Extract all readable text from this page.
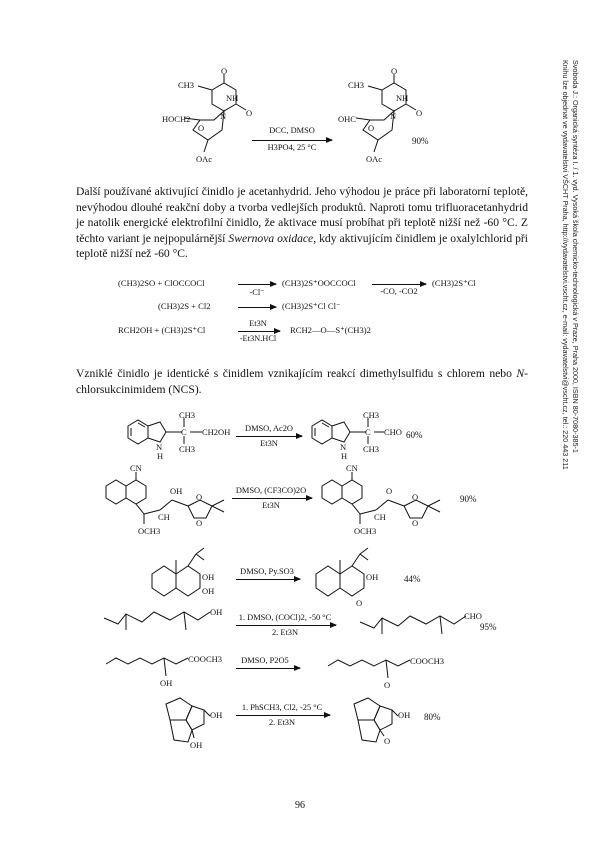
Svoboda J.: Organická syntéza I. / 1. vyd. Vysoká škola chemicko-technologická v Praze, Praha 2000, ISBN 80-7080-385-1
Knihu lze objednat ve vydavatelství VŠCHT Praha, http://vydavatelstvi.vscht.cz, e-mail: vydavatelstvi@vscht.cz, tel.: 220 443 211
O
NH
O
N
CH3
HOCH2
O
OAc
DCC, DMSO
H3PO4, 25 °C
O
NH
O
N
CH3
OHC
O
OAc
90%
Další používané aktivující činidlo je acetanhydrid. Jeho výhodou je práce při laboratorní teplotě, nevýhodou dlouhé reakční doby a tvorba vedlejších produktů. Naproti tomu trifluoracetanhydrid je natolik energické elektrofilní činidlo, že aktivace musí probíhat při teplotě nižší než -60 °C. Z těchto variant je nejpopulárnější Swernova oxidace, kdy aktivujícím činidlem je oxalylchlorid při teplotě nižší než -60 °C.
(CH3)2SO + ClOCCOCl
-Cl⁻
(CH3)2S⁺OOCCOCl
-CO, -CO2
(CH3)2S⁺Cl
(CH3)2S + Cl2	(CH3)2S⁺Cl Cl⁻
RCH2OH + (CH3)2S⁺Cl
Et3N
-Et3N.HCl
RCH2—O—S⁺(CH3)2
Vzniklé činidlo je identické s činidlem vznikajícím reakcí dimethylsulfidu s chlorem nebo N-chlorsukcinimidem (NCS).
CH3
C CH2OH
CH3
N
H
DMSO, Ac2O
Et3N
CH3
C CHO
CH3
N
H
60%
CN
OH
CH
OCH3
O
O
DMSO, (CF3CO)2O
Et3N
CN
O
CH
OCH3
O
O
90%
OH
OH
DMSO, Py.SO3
OH
O
44%
OH
1. DMSO, (COCl)2, -50 °C
2. Et3N
CHO
95%
COOCH3
OH
DMSO, P2O5	COOCH3
O
OH
OH
1. PhSCH3, Cl2, -25 °C
2. Et3N
OH
O
80%
96
